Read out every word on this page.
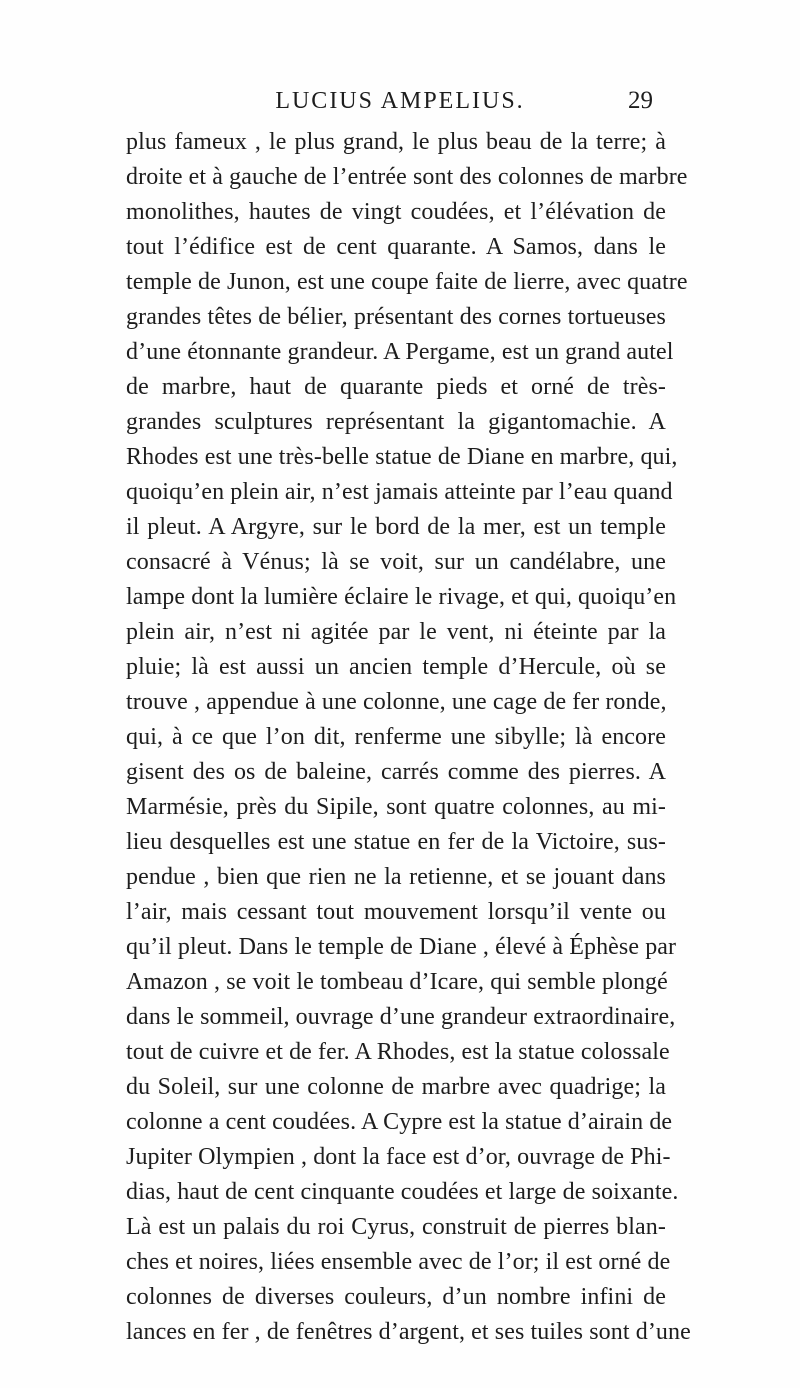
LUCIUS AMPELIUS.	29
plus fameux , le plus grand, le plus beau de la terre; à
droite et à gauche de l’entrée sont des colonnes de marbre
monolithes, hautes de vingt coudées, et l’élévation de
tout l’édifice est de cent quarante. A Samos, dans le
temple de Junon, est une coupe faite de lierre, avec quatre
grandes têtes de bélier, présentant des cornes tortueuses
d’une étonnante grandeur. A Pergame, est un grand autel
de marbre, haut de quarante pieds et orné de très-
grandes sculptures représentant la gigantomachie. A
Rhodes est une très-belle statue de Diane en marbre, qui,
quoiqu’en plein air, n’est jamais atteinte par l’eau quand
il pleut. A Argyre, sur le bord de la mer, est un temple
consacré à Vénus; là se voit, sur un candélabre, une
lampe dont la lumière éclaire le rivage, et qui, quoiqu’en
plein air, n’est ni agitée par le vent, ni éteinte par la
pluie; là est aussi un ancien temple d’Hercule, où se
trouve , appendue à une colonne, une cage de fer ronde,
qui, à ce que l’on dit, renferme une sibylle; là encore
gisent des os de baleine, carrés comme des pierres. A
Marmésie, près du Sipile, sont quatre colonnes, au mi-
lieu desquelles est une statue en fer de la Victoire, sus-
pendue , bien que rien ne la retienne, et se jouant dans
l’air, mais cessant tout mouvement lorsqu’il vente ou
qu’il pleut. Dans le temple de Diane , élevé à Éphèse par
Amazon , se voit le tombeau d’Icare, qui semble plongé
dans le sommeil, ouvrage d’une grandeur extraordinaire,
tout de cuivre et de fer. A Rhodes, est la statue colossale
du Soleil, sur une colonne de marbre avec quadrige; la
colonne a cent coudées. A Cypre est la statue d’airain de
Jupiter Olympien , dont la face est d’or, ouvrage de Phi-
dias, haut de cent cinquante coudées et large de soixante.
Là est un palais du roi Cyrus, construit de pierres blan-
ches et noires, liées ensemble avec de l’or; il est orné de
colonnes de diverses couleurs, d’un nombre infini de
lances en fer , de fenêtres d’argent, et ses tuiles sont d’une
